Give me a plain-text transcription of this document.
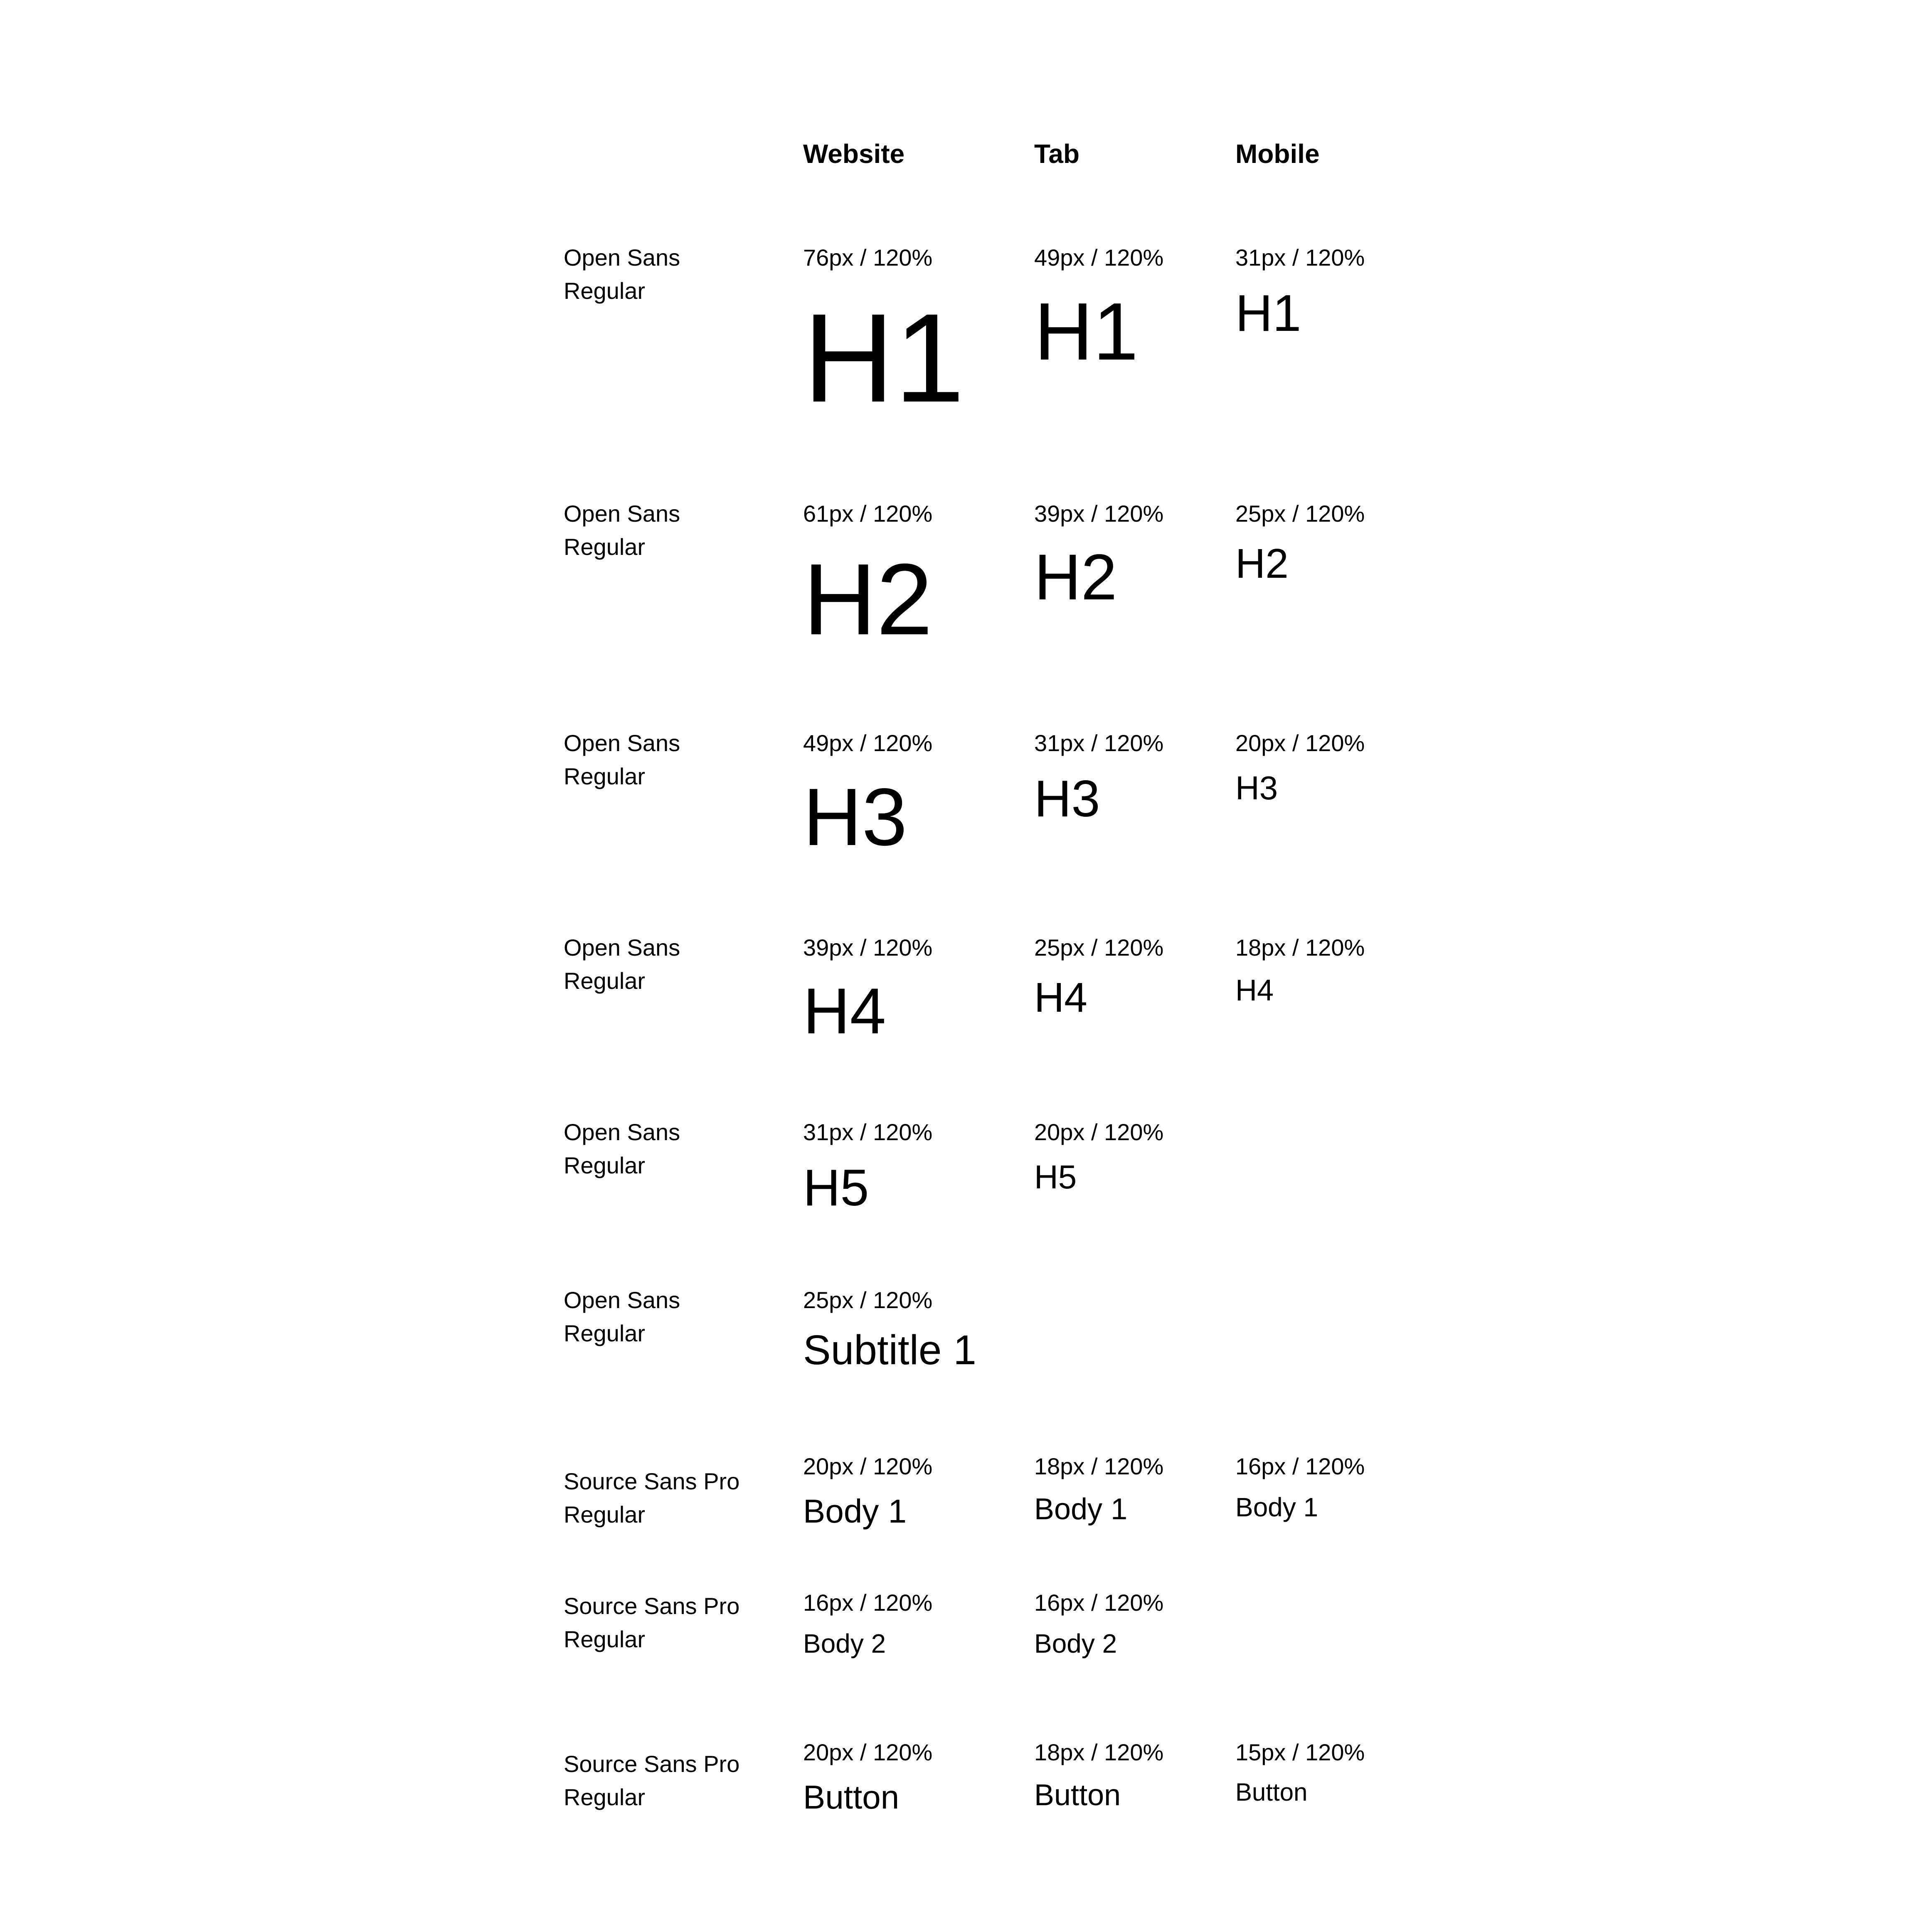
Website	Tab	Mobile
Open Sans
Regular
76px / 120%
H1
49px / 120%
H1
31px / 120%
H1
Open Sans
Regular
61px / 120%
H2
39px / 120%
H2
25px / 120%
H2
Open Sans
Regular
49px / 120%
H3
31px / 120%
H3
20px / 120%
H3
Open Sans
Regular
39px / 120%
H4
25px / 120%
H4
18px / 120%
H4
Open Sans
Regular
31px / 120%
H5
20px / 120%
H5
Open Sans
Regular
25px / 120%
Subtitle 1
Source Sans Pro
Regular
20px / 120%
Body 1
18px / 120%
Body 1
16px / 120%
Body 1
Source Sans Pro
Regular
16px / 120%
Body 2
16px / 120%
Body 2
Source Sans Pro
Regular
20px / 120%
Button
18px / 120%
Button
15px / 120%
Button
